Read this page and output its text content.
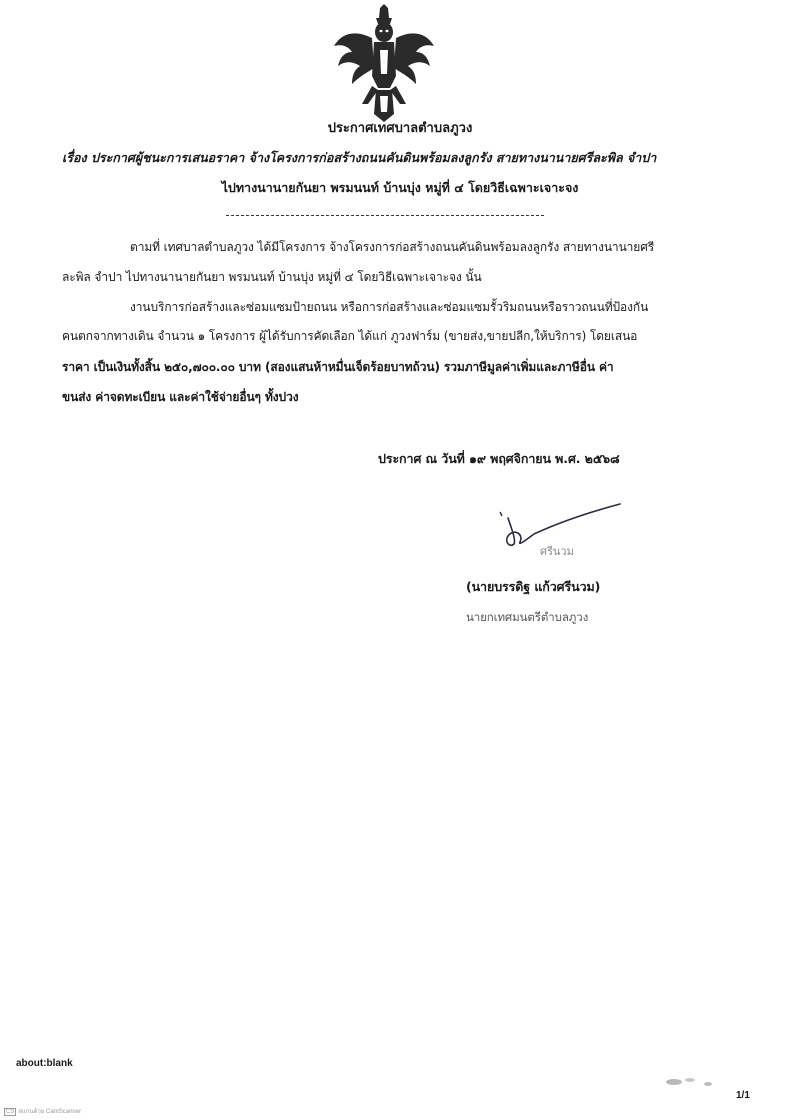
ประกาศเทศบาลตำบลภูวง
เรื่อง ประกาศผู้ชนะการเสนอราคา จ้างโครงการก่อสร้างถนนคันดินพร้อมลงลูกรัง สายทางนานายศรีละพิล จำปา
ไปทางนานายกันยา พรมนนท์ บ้านบุ่ง หมู่ที่ ๔ โดยวิธีเฉพาะเจาะจง
ตามที่ เทศบาลตำบลภูวง ได้มีโครงการ จ้างโครงการก่อสร้างถนนคันดินพร้อมลงลูกรัง สายทางนานายศรี
ละพิล จำปา ไปทางนานายกันยา พรมนนท์ บ้านบุ่ง หมู่ที่ ๔ โดยวิธีเฉพาะเจาะจง นั้น
งานบริการก่อสร้างและซ่อมแซมป้ายถนน หรือการก่อสร้างและซ่อมแซมรั้วริมถนนหรือราวถนนที่ป้องกัน
คนตกจากทางเดิน จำนวน ๑ โครงการ ผู้ได้รับการคัดเลือก ได้แก่ ภูวงฟาร์ม (ขายส่ง,ขายปลีก,ให้บริการ) โดยเสนอ
ราคา เป็นเงินทั้งสิ้น ๒๕๐,๗๐๐.๐๐ บาท (สองแสนห้าหมื่นเจ็ดร้อยบาทถ้วน) รวมภาษีมูลค่าเพิ่มและภาษีอื่น ค่า
ขนส่ง ค่าจดทะเบียน และค่าใช้จ่ายอื่นๆ ทั้งปวง
ประกาศ ณ วันที่ ๑๙ พฤศจิกายน พ.ศ. ๒๕๖๘
ศรีนวม
(นายบรรดิฐ แก้วศรีนวม)
นายกเทศมนตรีตำบลภูวง
about:blank
1/1
CS สแกนด้วย CamScanner
